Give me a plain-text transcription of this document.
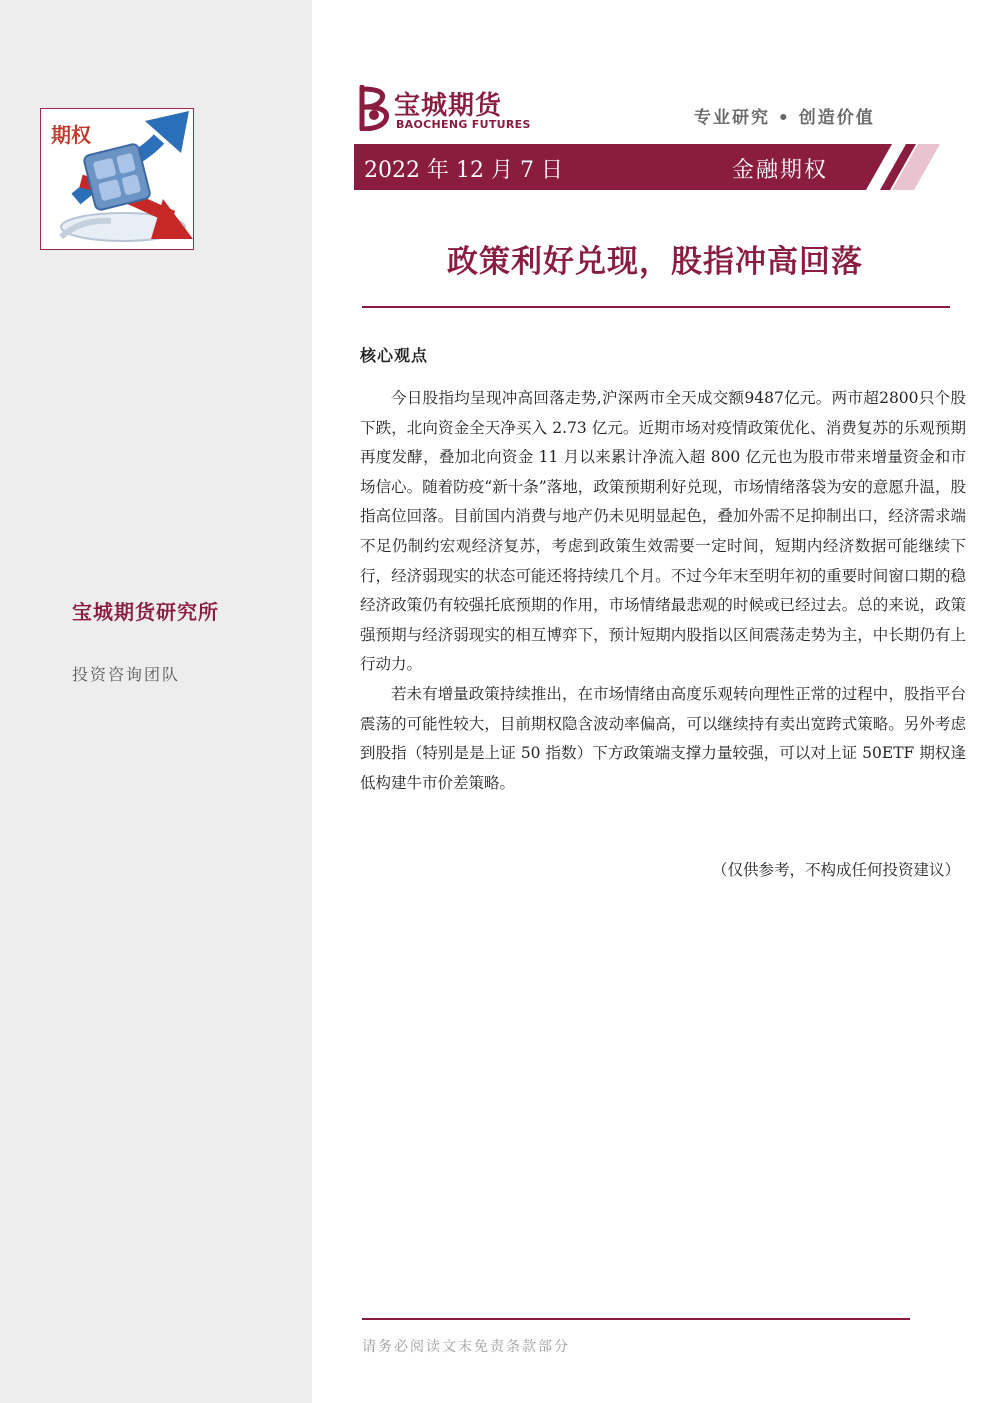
期权
宝城期货研究所
投资咨询团队
宝城期货
BAOCHENG FUTURES	专业研究 • 创造价值
2022 年 12 月 7 日	金融期权
政策利好兑现，股指冲高回落
核心观点

今日股指均呈现冲高回落走势,沪深两市全天成交额9487亿元。两市超2800只个股下跌，北向资金全天净买入 2.73 亿元。近期市场对疫情政策优化、消费复苏的乐观预期再度发酵，叠加北向资金 11 月以来累计净流入超 800 亿元也为股市带来增量资金和市场信心。随着防疫“新十条”落地，政策预期利好兑现，市场情绪落袋为安的意愿升温，股指高位回落。目前国内消费与地产仍未见明显起色，叠加外需不足抑制出口，经济需求端不足仍制约宏观经济复苏，考虑到政策生效需要一定时间，短期内经济数据可能继续下行，经济弱现实的状态可能还将持续几个月。不过今年末至明年初的重要时间窗口期的稳经济政策仍有较强托底预期的作用，市场情绪最悲观的时候或已经过去。总的来说，政策强预期与经济弱现实的相互博弈下，预计短期内股指以区间震荡走势为主，中长期仍有上行动力。

若未有增量政策持续推出，在市场情绪由高度乐观转向理性正常的过程中，股指平台震荡的可能性较大，目前期权隐含波动率偏高，可以继续持有卖出宽跨式策略。另外考虑到股指（特别是是上证 50 指数）下方政策端支撑力量较强，可以对上证 50ETF 期权逢低构建牛市价差策略。

（仅供参考，不构成任何投资建议）
请务必阅读文末免责条款部分
